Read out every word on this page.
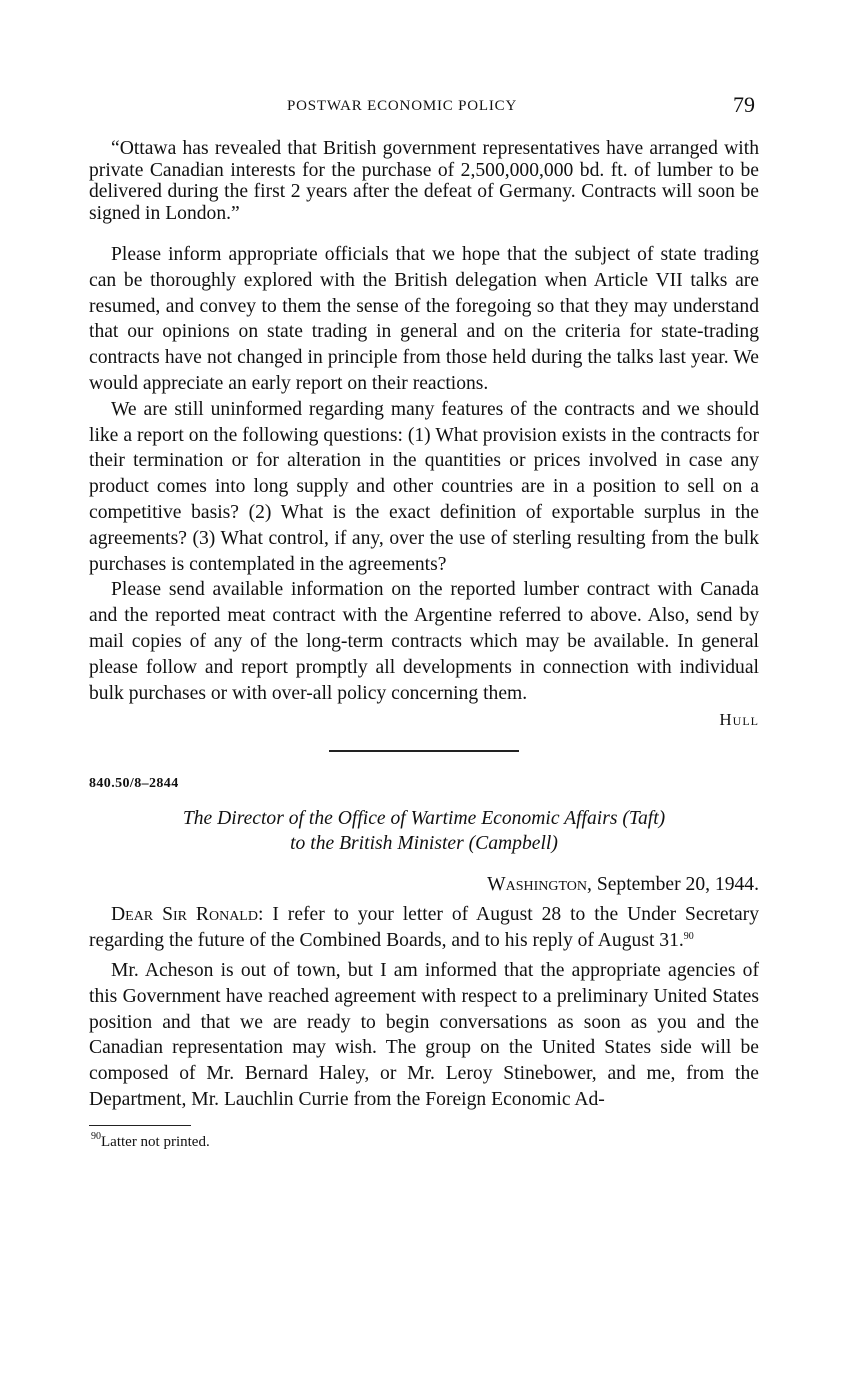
POSTWAR ECONOMIC POLICY	79

“Ottawa has revealed that British government representatives have arranged with private Canadian interests for the purchase of 2,500,000,000 bd. ft. of lumber to be delivered during the first 2 years after the defeat of Germany. Contracts will soon be signed in London.”

Please inform appropriate officials that we hope that the subject of state trading can be thoroughly explored with the British delegation when Article VII talks are resumed, and convey to them the sense of the foregoing so that they may understand that our opinions on state trading in general and on the criteria for state-trading contracts have not changed in principle from those held during the talks last year. We would appreciate an early report on their reactions.

We are still uninformed regarding many features of the contracts and we should like a report on the following questions: (1) What provision exists in the contracts for their termination or for alteration in the quantities or prices involved in case any product comes into long supply and other countries are in a position to sell on a competitive basis? (2) What is the exact definition of exportable surplus in the agreements? (3) What control, if any, over the use of sterling resulting from the bulk purchases is contemplated in the agreements?

Please send available information on the reported lumber contract with Canada and the reported meat contract with the Argentine referred to above. Also, send by mail copies of any of the long-term contracts which may be available. In general please follow and report promptly all developments in connection with individual bulk purchases or with over-all policy concerning them.

Hull
840.50/8–2844
The Director of the Office of Wartime Economic Affairs (Taft)
to the British Minister (Campbell)
Washington, September 20, 1944.

Dear Sir Ronald: I refer to your letter of August 28 to the Under Secretary regarding the future of the Combined Boards, and to his reply of August 31.90

Mr. Acheson is out of town, but I am informed that the appropriate agencies of this Government have reached agreement with respect to a preliminary United States position and that we are ready to begin conversations as soon as you and the Canadian representation may wish. The group on the United States side will be composed of Mr. Bernard Haley, or Mr. Leroy Stinebower, and me, from the Department, Mr. Lauchlin Currie from the Foreign Economic Ad-

$^{90}$Latter not printed.
